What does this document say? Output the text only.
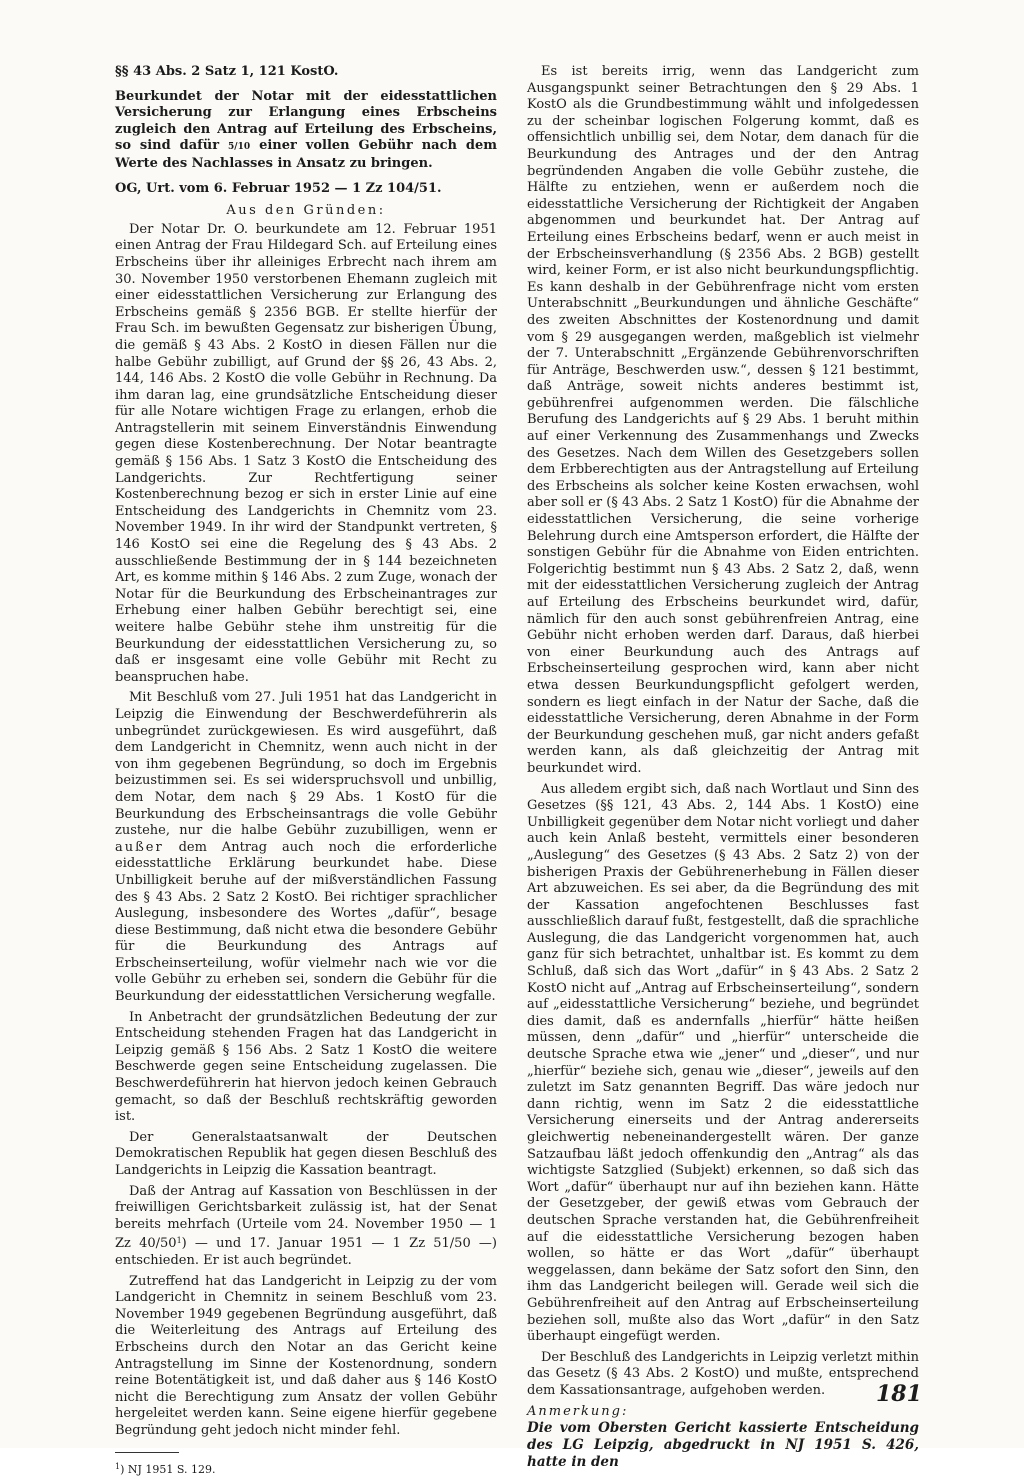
§§ 43 Abs. 2 Satz 1, 121 KostO.

Beurkundet der Notar mit der eidesstattlichen Versicherung zur Erlangung eines Erbscheins zugleich den Antrag auf Erteilung des Erbscheins, so sind dafür 5/10 einer vollen Gebühr nach dem Werte des Nachlasses in Ansatz zu bringen.

OG, Urt. vom 6. Februar 1952 — 1 Zz 104/51.

Aus den Gründen:

Der Notar Dr. O. beurkundete am 12. Februar 1951 einen Antrag der Frau Hildegard Sch. auf Erteilung eines Erbscheins über ihr alleiniges Erbrecht nach ihrem am 30. November 1950 verstorbenen Ehemann zugleich mit einer eidesstattlichen Versicherung zur Erlangung des Erbscheins gemäß § 2356 BGB. Er stellte hierfür der Frau Sch. im bewußten Gegensatz zur bisherigen Übung, die gemäß § 43 Abs. 2 KostO in diesen Fällen nur die halbe Gebühr zubilligt, auf Grund der §§ 26, 43 Abs. 2, 144, 146 Abs. 2 KostO die volle Gebühr in Rechnung. Da ihm daran lag, eine grundsätzliche Entscheidung dieser für alle Notare wichtigen Frage zu erlangen, erhob die Antragstellerin mit seinem Einverständnis Einwendung gegen diese Kostenberechnung. Der Notar beantragte gemäß § 156 Abs. 1 Satz 3 KostO die Entscheidung des Landgerichts. Zur Rechtfertigung seiner Kostenberechnung bezog er sich in erster Linie auf eine Entscheidung des Landgerichts in Chemnitz vom 23. November 1949. In ihr wird der Standpunkt vertreten, § 146 KostO sei eine die Regelung des § 43 Abs. 2 ausschließende Bestimmung der in § 144 bezeichneten Art, es komme mithin § 146 Abs. 2 zum Zuge, wonach der Notar für die Beurkundung des Erbscheinantrages zur Erhebung einer halben Gebühr berechtigt sei, eine weitere halbe Gebühr stehe ihm unstreitig für die Beurkundung der eidesstattlichen Versicherung zu, so daß er insgesamt eine volle Gebühr mit Recht zu beanspruchen habe.

Mit Beschluß vom 27. Juli 1951 hat das Landgericht in Leipzig die Einwendung der Beschwerdeführerin als unbegründet zurückgewiesen. Es wird ausgeführt, daß dem Landgericht in Chemnitz, wenn auch nicht in der von ihm gegebenen Begründung, so doch im Ergebnis beizustimmen sei. Es sei widerspruchsvoll und unbillig, dem Notar, dem nach § 29 Abs. 1 KostO für die Beurkundung des Erbscheinsantrags die volle Gebühr zustehe, nur die halbe Gebühr zuzubilligen, wenn er außer dem Antrag auch noch die erforderliche eidesstattliche Erklärung beurkundet habe. Diese Unbilligkeit beruhe auf der mißverständlichen Fassung des § 43 Abs. 2 Satz 2 KostO. Bei richtiger sprachlicher Auslegung, insbesondere des Wortes „dafür“, besage diese Bestimmung, daß nicht etwa die besondere Gebühr für die Beurkundung des Antrags auf Erbscheinserteilung, wofür vielmehr nach wie vor die volle Gebühr zu erheben sei, sondern die Gebühr für die Beurkundung der eidesstattlichen Versicherung wegfalle.

In Anbetracht der grundsätzlichen Bedeutung der zur Entscheidung stehenden Fragen hat das Landgericht in Leipzig gemäß § 156 Abs. 2 Satz 1 KostO die weitere Beschwerde gegen seine Entscheidung zugelassen. Die Beschwerdeführerin hat hiervon jedoch keinen Gebrauch gemacht, so daß der Beschluß rechtskräftig geworden ist.

Der Generalstaatsanwalt der Deutschen Demokratischen Republik hat gegen diesen Beschluß des Landgerichts in Leipzig die Kassation beantragt.

Daß der Antrag auf Kassation von Beschlüssen in der freiwilligen Gerichtsbarkeit zulässig ist, hat der Senat bereits mehrfach (Urteile vom 24. November 1950 — 1 Zz $40/50^1$) — und 17. Januar 1951 — 1 Zz 51/50 —) entschieden. Er ist auch begründet.

Zutreffend hat das Landgericht in Leipzig zu der vom Landgericht in Chemnitz in seinem Beschluß vom 23. November 1949 gegebenen Begründung ausgeführt, daß die Weiterleitung des Antrags auf Erteilung des Erbscheins durch den Notar an das Gericht keine Antragstellung im Sinne der Kostenordnung, sondern reine Botentätigkeit ist, und daß daher aus § 146 KostO nicht die Berechtigung zum Ansatz der vollen Gebühr hergeleitet werden kann. Seine eigene hierfür gegebene Begründung geht jedoch nicht minder fehl.

$^1$) NJ 1951 S. 129.

Es ist bereits irrig, wenn das Landgericht zum Ausgangspunkt seiner Betrachtungen den § 29 Abs. 1 KostO als die Grundbestimmung wählt und infolgedessen zu der scheinbar logischen Folgerung kommt, daß es offensichtlich unbillig sei, dem Notar, dem danach für die Beurkundung des Antrages und der den Antrag begründenden Angaben die volle Gebühr zustehe, die Hälfte zu entziehen, wenn er außerdem noch die eidesstattliche Versicherung der Richtigkeit der Angaben abgenommen und beurkundet hat. Der Antrag auf Erteilung eines Erbscheins bedarf, wenn er auch meist in der Erbscheinsverhandlung (§ 2356 Abs. 2 BGB) gestellt wird, keiner Form, er ist also nicht beurkundungspflichtig. Es kann deshalb in der Gebührenfrage nicht vom ersten Unterabschnitt „Beurkundungen und ähnliche Geschäfte“ des zweiten Abschnittes der Kostenordnung und damit vom § 29 ausgegangen werden, maßgeblich ist vielmehr der 7. Unterabschnitt „Ergänzende Gebührenvorschriften für Anträge, Beschwerden usw.“, dessen § 121 bestimmt, daß Anträge, soweit nichts anderes bestimmt ist, gebührenfrei aufgenommen werden. Die fälschliche Berufung des Landgerichts auf § 29 Abs. 1 beruht mithin auf einer Verkennung des Zusammenhangs und Zwecks des Gesetzes. Nach dem Willen des Gesetzgebers sollen dem Erbberechtigten aus der Antragstellung auf Erteilung des Erbscheins als solcher keine Kosten erwachsen, wohl aber soll er (§ 43 Abs. 2 Satz 1 KostO) für die Abnahme der eidesstattlichen Versicherung, die seine vorherige Belehrung durch eine Amtsperson erfordert, die Hälfte der sonstigen Gebühr für die Abnahme von Eiden entrichten. Folgerichtig bestimmt nun § 43 Abs. 2 Satz 2, daß, wenn mit der eidesstattlichen Versicherung zugleich der Antrag auf Erteilung des Erbscheins beurkundet wird, dafür, nämlich für den auch sonst gebührenfreien Antrag, eine Gebühr nicht erhoben werden darf. Daraus, daß hierbei von einer Beurkundung auch des Antrags auf Erbscheinserteilung gesprochen wird, kann aber nicht etwa dessen Beurkundungspflicht gefolgert werden, sondern es liegt einfach in der Natur der Sache, daß die eidesstattliche Versicherung, deren Abnahme in der Form der Beurkundung geschehen muß, gar nicht anders gefaßt werden kann, als daß gleichzeitig der Antrag mit beurkundet wird.

Aus alledem ergibt sich, daß nach Wortlaut und Sinn des Gesetzes (§§ 121, 43 Abs. 2, 144 Abs. 1 KostO) eine Unbilligkeit gegenüber dem Notar nicht vorliegt und daher auch kein Anlaß besteht, vermittels einer besonderen „Auslegung“ des Gesetzes (§ 43 Abs. 2 Satz 2) von der bisherigen Praxis der Gebührenerhebung in Fällen dieser Art abzuweichen. Es sei aber, da die Begründung des mit der Kassation angefochtenen Beschlusses fast ausschließlich darauf fußt, festgestellt, daß die sprachliche Auslegung, die das Landgericht vorgenommen hat, auch ganz für sich betrachtet, unhaltbar ist. Es kommt zu dem Schluß, daß sich das Wort „dafür“ in § 43 Abs. 2 Satz 2 KostO nicht auf „Antrag auf Erbscheinserteilung“, sondern auf „eidesstattliche Versicherung“ beziehe, und begründet dies damit, daß es andernfalls „hierfür“ hätte heißen müssen, denn „dafür“ und „hierfür“ unterscheide die deutsche Sprache etwa wie „jener“ und „dieser“, und nur „hierfür“ beziehe sich, genau wie „dieser“, jeweils auf den zuletzt im Satz genannten Begriff. Das wäre jedoch nur dann richtig, wenn im Satz 2 die eidesstattliche Versicherung einerseits und der Antrag andererseits gleichwertig nebeneinandergestellt wären. Der ganze Satzaufbau läßt jedoch offenkundig den „Antrag“ als das wichtigste Satzglied (Subjekt) erkennen, so daß sich das Wort „dafür“ überhaupt nur auf ihn beziehen kann. Hätte der Gesetzgeber, der gewiß etwas vom Gebrauch der deutschen Sprache verstanden hat, die Gebührenfreiheit auf die eidesstattliche Versicherung bezogen haben wollen, so hätte er das Wort „dafür“ überhaupt weggelassen, dann bekäme der Satz sofort den Sinn, den ihm das Landgericht beilegen will. Gerade weil sich die Gebührenfreiheit auf den Antrag auf Erbscheinserteilung beziehen soll, mußte also das Wort „dafür“ in den Satz überhaupt eingefügt werden.

Der Beschluß des Landgerichts in Leipzig verletzt mithin das Gesetz (§ 43 Abs. 2 KostO) und mußte, entsprechend dem Kassationsantrage, aufgehoben werden.

Anmerkung:

Die vom Obersten Gericht kassierte Entscheidung des LG Leipzig, abgedruckt in NJ 1951 S. 426, hatte in den

181
